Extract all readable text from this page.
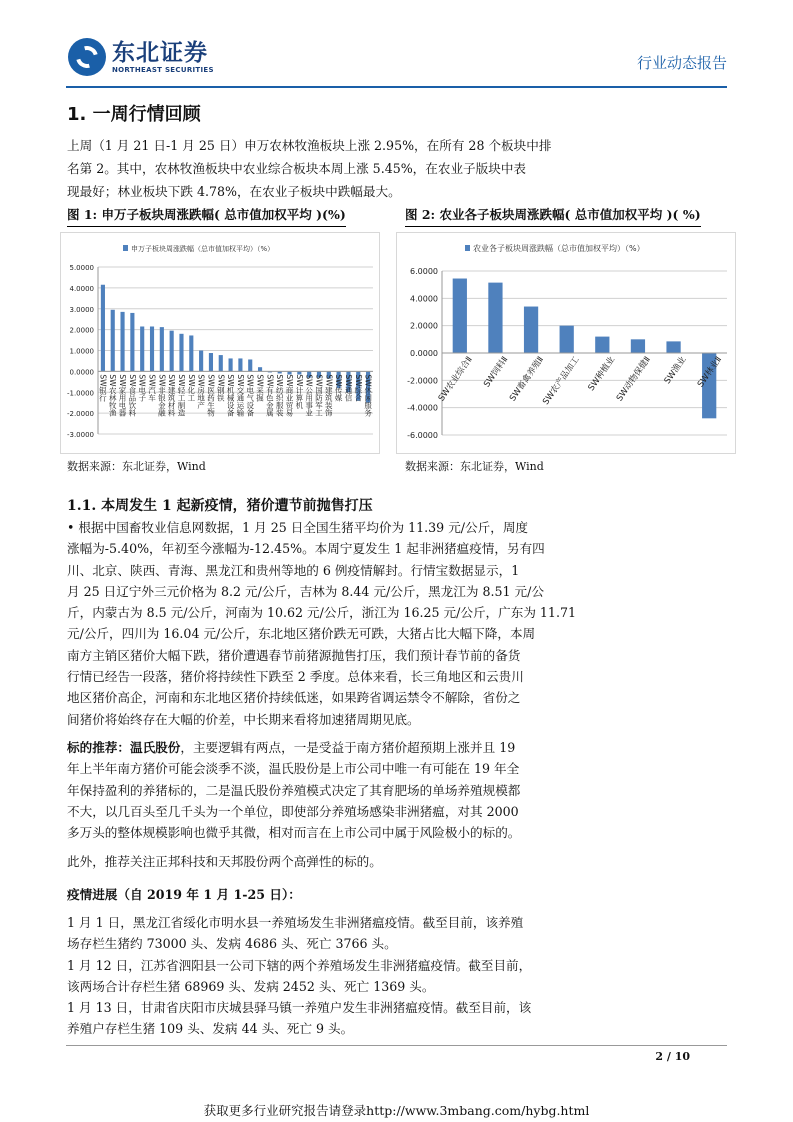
东北证券
NORTHEAST SECURITIES	行业动态报告
1. 一周行情回顾
上周（1 月 21 日-1 月 25 日）申万农林牧渔板块上涨 2.95%，在所有 28 个板块中排
名第 2。其中，农林牧渔板块中农业综合板块本周上涨 5.45%，在农业子版块中表
现最好；林业板块下跌 4.78%，在农业子板块中跌幅最大。
图 1: 申万子板块周涨跌幅( 总市值加权平均 )(%)	图 2: 农业各子板块周涨跌幅( 总市值加权平均 )( %)
申万子板块周涨跌幅（总市值加权平均）（%）
5.0000
4.0000
3.0000
2.0000
1.0000
0.0000
-1.0000
-2.0000
-3.0000
SW银行 SW农林牧渔 SW家用电器 SW食品饮料 SW电子 SW汽车 SW非银金融 SW建筑材料 SW轻工制造 SW化工 SW房地产 SW医药生物 SW钢铁 SW机械设备 SW交通运输 SW电气设备 SW采掘 SW有色金属 SW纺织服装 SW商业贸易 SW计算机 SW公用事业 SW国防军工 SW建筑装饰 SW传媒 SW通信 SW综合 SW休闲服务
农业各子板块周涨跌幅（总市值加权平均）（%）
6.0000
4.0000
2.0000
0.0000
-2.0000
-4.0000
-6.0000
SW农业综合Ⅱ SW饲料Ⅱ
SW畜禽养殖Ⅱ
SW农产品加工 SW种植业
SW动物保健Ⅱ SW渔业 SW林业Ⅱ
数据来源：东北证券，Wind	数据来源：东北证券，Wind
1.1. 本周发生 1 起新疫情，猪价遭节前抛售打压
• 根据中国畜牧业信息网数据，1 月 25 日全国生猪平均价为 11.39 元/公斤，周度
涨幅为-5.40%，年初至今涨幅为-12.45%。本周宁夏发生 1 起非洲猪瘟疫情，另有四
川、北京、陕西、青海、黑龙江和贵州等地的 6 例疫情解封。行情宝数据显示，1
月 25 日辽宁外三元价格为 8.2 元/公斤，吉林为 8.44 元/公斤，黑龙江为 8.51 元/公
斤，内蒙古为 8.5 元/公斤，河南为 10.62 元/公斤，浙江为 16.25 元/公斤，广东为 11.71
元/公斤，四川为 16.04 元/公斤，东北地区猪价跌无可跌，大猪占比大幅下降，本周
南方主销区猪价大幅下跌，猪价遭遇春节前猪源抛售打压，我们预计春节前的备货
行情已经告一段落，猪价将持续性下跌至 2 季度。总体来看，长三角地区和云贵川
地区猪价高企，河南和东北地区猪价持续低迷，如果跨省调运禁令不解除，省份之
间猪价将始终存在大幅的价差，中长期来看将加速猪周期见底。
标的推荐：温氏股份，主要逻辑有两点，一是受益于南方猪价超预期上涨并且 19
年上半年南方猪价可能会淡季不淡，温氏股份是上市公司中唯一有可能在 19 年全
年保持盈利的养猪标的，二是温氏股份养殖模式决定了其育肥场的单场养殖规模都
不大，以几百头至几千头为一个单位，即使部分养殖场感染非洲猪瘟，对其 2000
多万头的整体规模影响也微乎其微，相对而言在上市公司中属于风险极小的标的。
此外，推荐关注正邦科技和天邦股份两个高弹性的标的。
疫情进展（自 2019 年 1 月 1-25 日）：
1 月 1 日，黑龙江省绥化市明水县一养殖场发生非洲猪瘟疫情。截至目前，该养殖
场存栏生猪约 73000 头、发病 4686 头、死亡 3766 头。
1 月 12 日，江苏省泗阳县一公司下辖的两个养殖场发生非洲猪瘟疫情。截至目前，
该两场合计存栏生猪 68969 头、发病 2452 头、死亡 1369 头。
1 月 13 日，甘肃省庆阳市庆城县驿马镇一养殖户发生非洲猪瘟疫情。截至目前，该
养殖户存栏生猪 109 头、发病 44 头、死亡 9 头。
2 / 10
获取更多行业研究报告请登录http://www.3mbang.com/hybg.html
